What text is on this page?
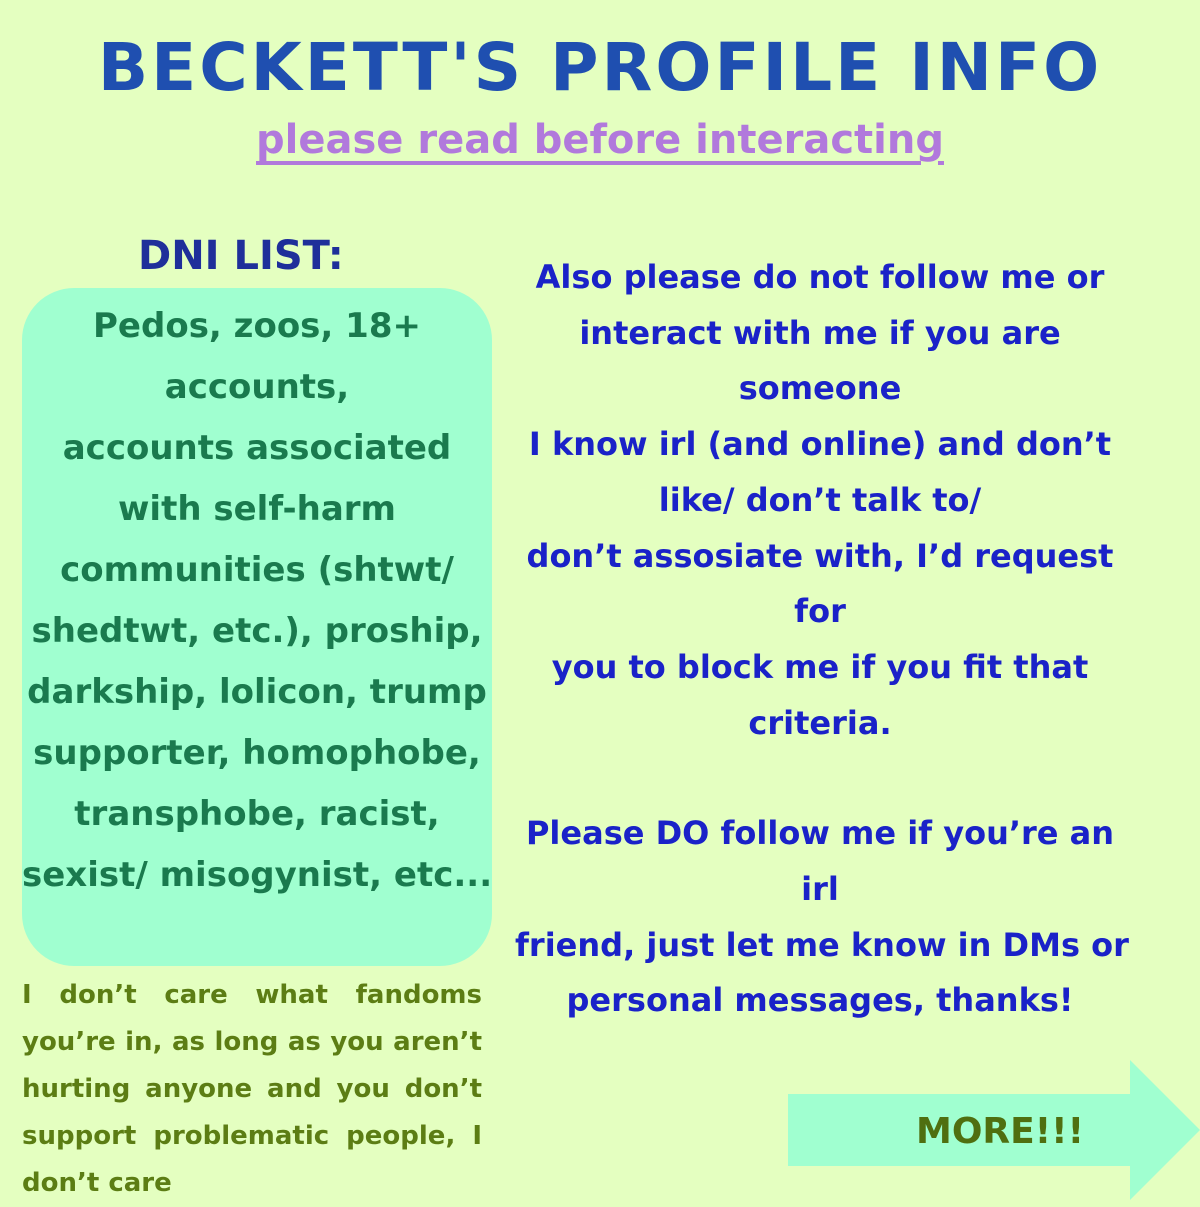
BECKETT'S PROFILE INFO
please read before interacting
DNI LIST:
Pedos, zoos, 18+
accounts,
accounts associated
with self-harm
communities (shtwt/
shedtwt, etc.), proship,
darkship, lolicon, trump
supporter, homophobe,
transphobe, racist,
sexist/ misogynist, etc...
I don’t care what fandoms
you’re in, as long as you aren’t
hurting anyone and you don’t
support problematic people, I
don’t care
Also please do not follow me or
interact with me if you are
someone
I know irl (and online) and don’t
like/ don’t talk to/
don’t assosiate with, I’d request
for
you to block me if you fit that
criteria.
Please DO follow me if you’re an
irl
friend, just let me know in DMs or
personal messages, thanks!
MORE!!!
